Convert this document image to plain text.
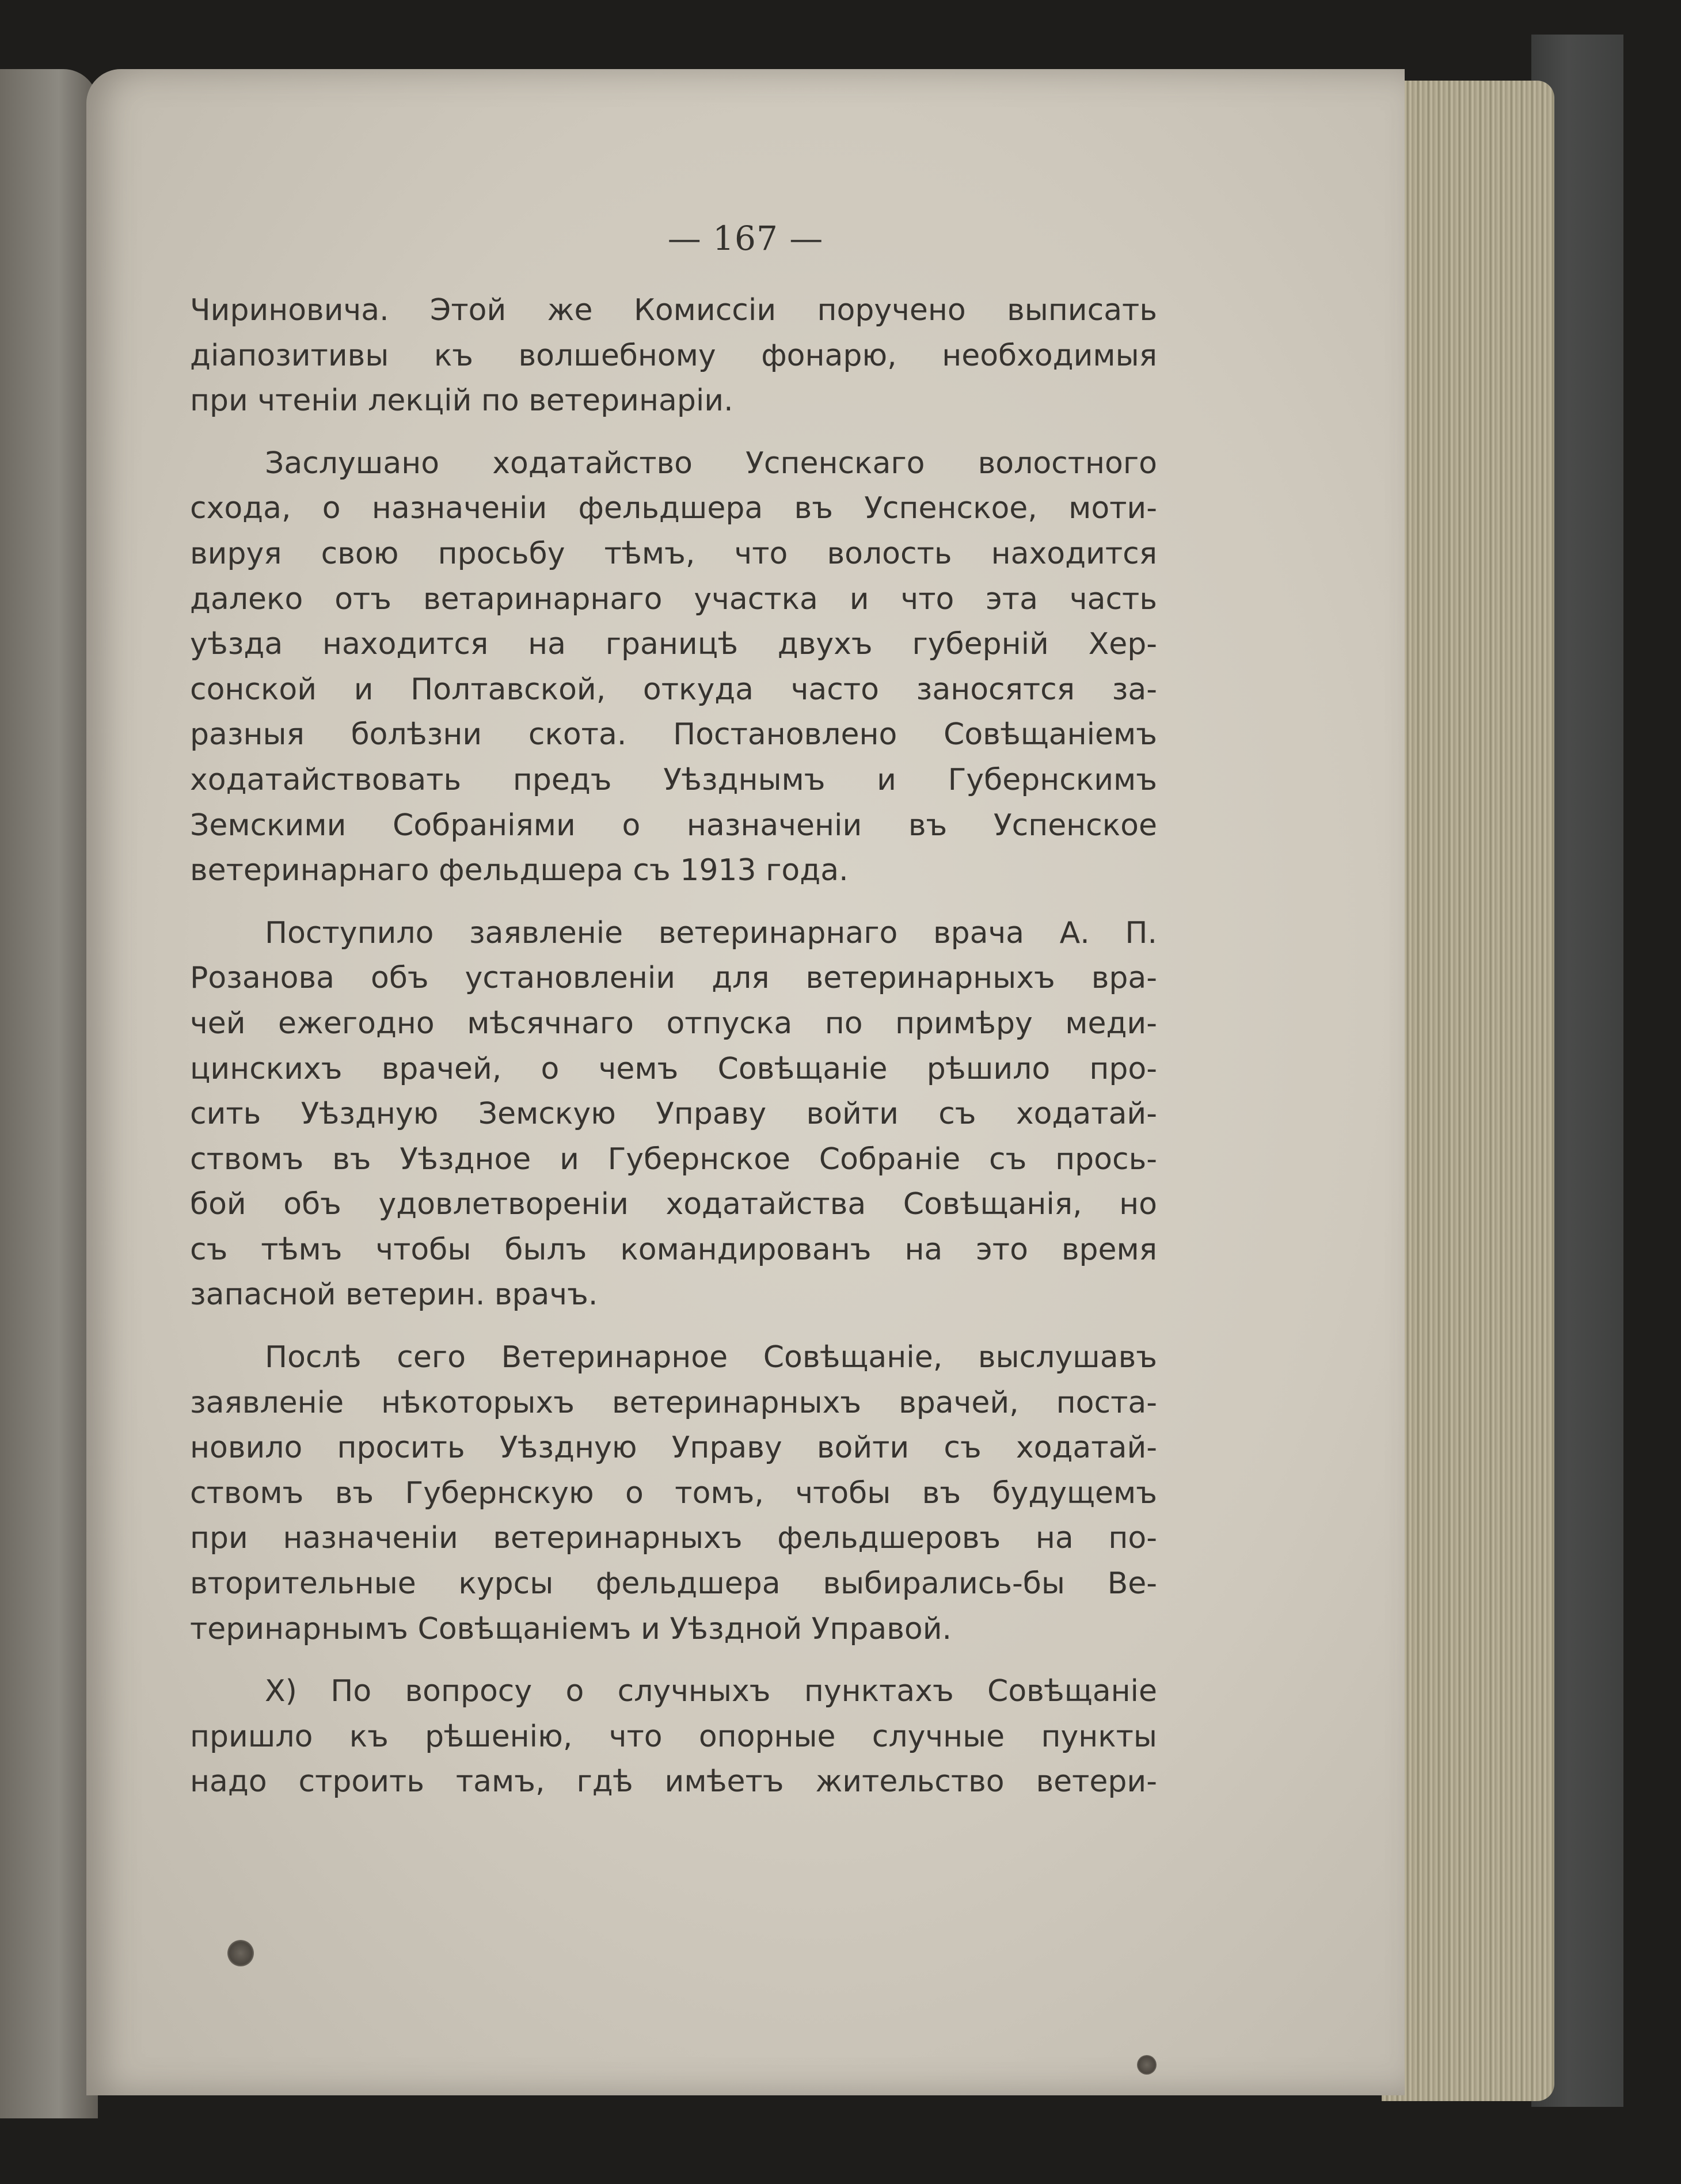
— 167 —
Чириновича. Этой же Комиссiи поручено выписать
дiапозитивы къ волшебному фонарю, необходимыя
при чтенiи лекцiй по ветеринарiи.
Заслушано ходатайство Успенскаго волостного
схода, о назначенiи фельдшера въ Успенское, моти-
вируя свою просьбу тѣмъ, что волость находится
далеко отъ ветаринарнаго участка и что эта часть
уѣзда находится на границѣ двухъ губернiй Хер-
сонской и Полтавской, откуда часто заносятся за-
разныя болѣзни скота. Постановлено Совѣщанiемъ
ходатайствовать предъ Уѣзднымъ и Губернскимъ
Земскими Собранiями о назначенiи въ Успенское
ветеринарнаго фельдшера съ 1913 года.
Поступило заявленiе ветеринарнаго врача А. П.
Розанова объ установленiи для ветеринарныхъ вра-
чей ежегодно мѣсячнаго отпуска по примѣру меди-
цинскихъ врачей, о чемъ Совѣщанiе рѣшило про-
сить Уѣздную Земскую Управу войти съ ходатай-
ствомъ въ Уѣздное и Губернское Собранiе съ прось-
бой объ удовлетворенiи ходатайства Совѣщанiя, но
съ тѣмъ чтобы былъ командированъ на это время
запасной ветерин. врачъ.
Послѣ сего Ветеринарное Совѣщанiе, выслушавъ
заявленiе нѣкоторыхъ ветеринарныхъ врачей, поста-
новило просить Уѣздную Управу войти съ ходатай-
ствомъ въ Губернскую о томъ, чтобы въ будущемъ
при назначенiи ветеринарныхъ фельдшеровъ на по-
вторительные курсы фельдшера выбирались-бы Ве-
теринарнымъ Совѣщанiемъ и Уѣздной Управой.
X) По вопросу о случныхъ пунктахъ Совѣщанiе
пришло къ рѣшенiю, что опорные случные пункты
надо строить тамъ, гдѣ имѣетъ жительство ветери-
